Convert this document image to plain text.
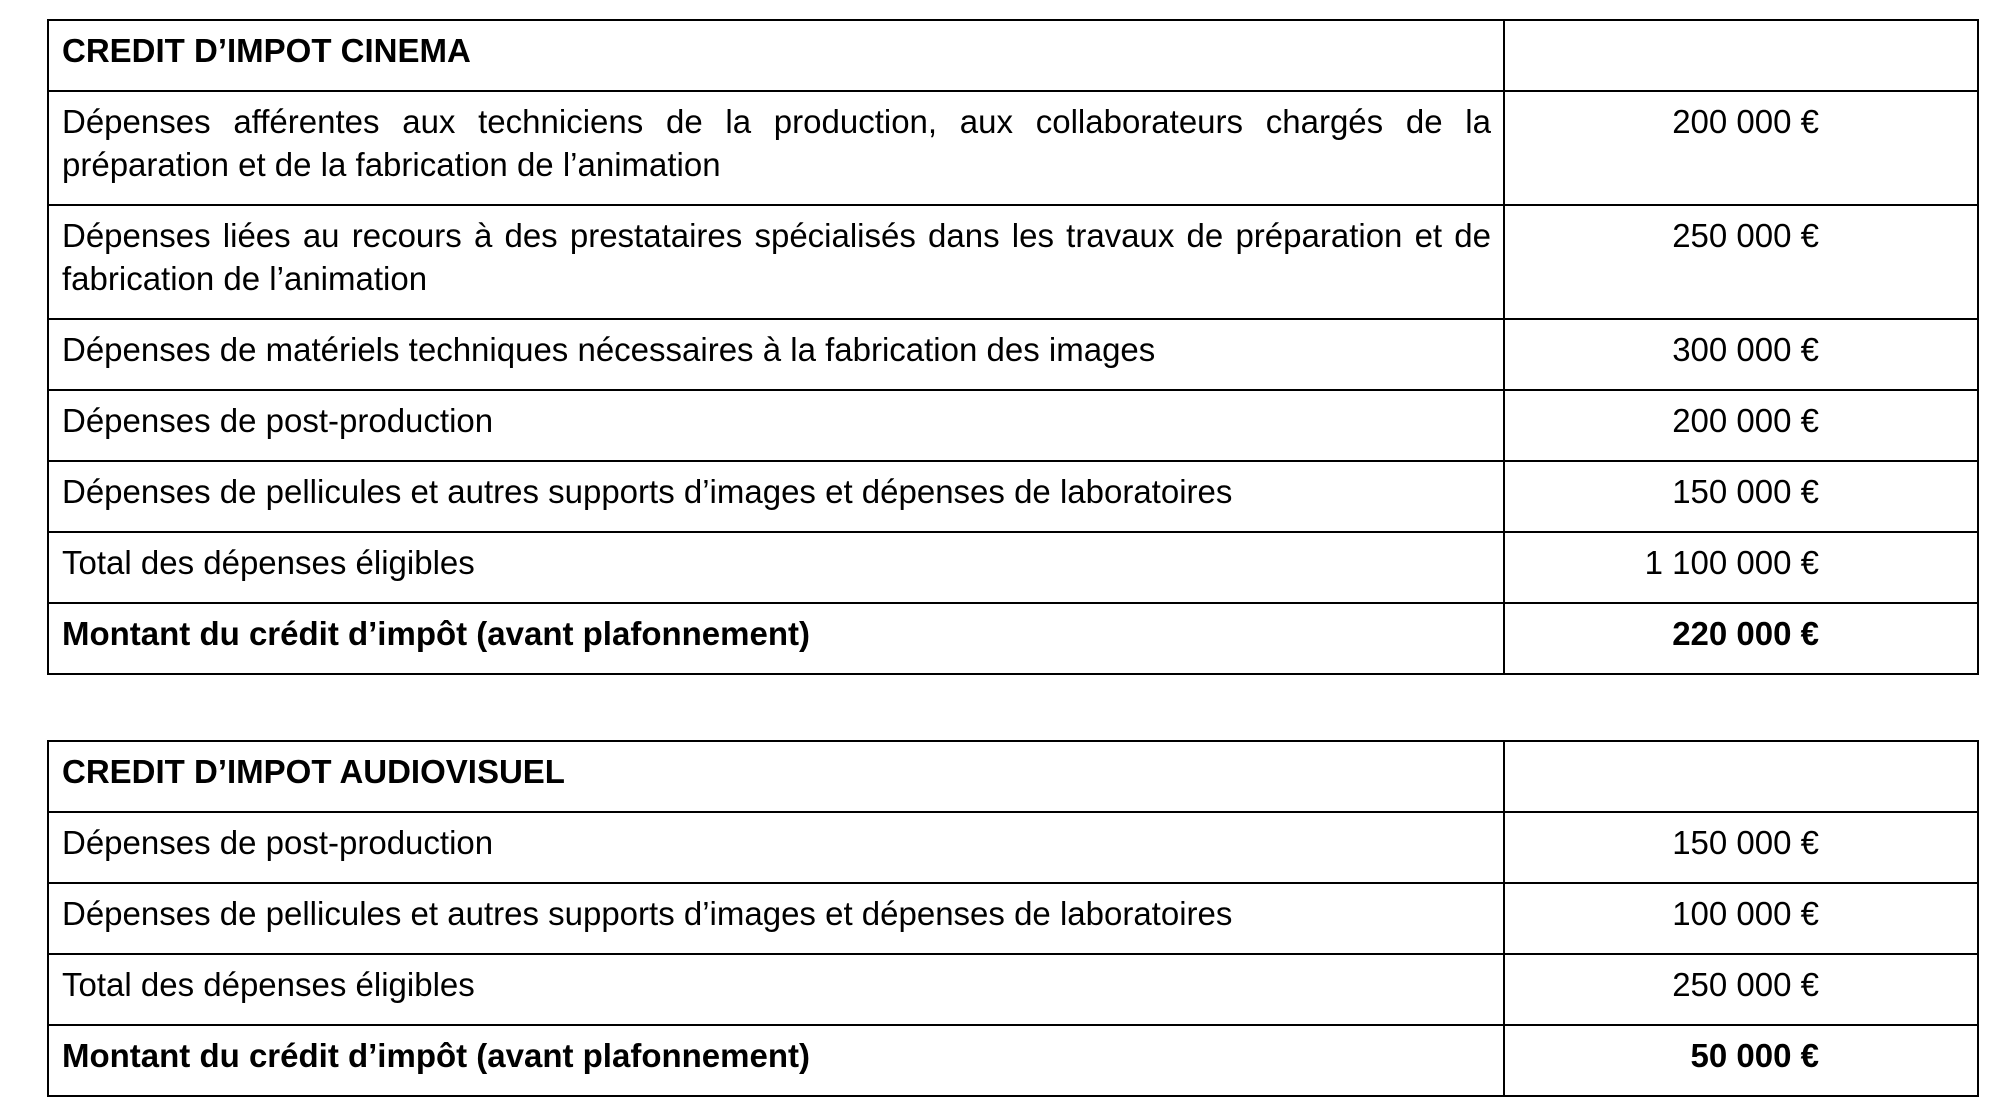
CREDIT D’IMPOT CINEMA	
Dépenses afférentes aux techniciens de la production, aux collaborateurs chargés de la préparation et de la fabrication de l’animation	200 000 €
Dépenses liées au recours à des prestataires spécialisés dans les travaux de préparation et de fabrication de l’animation	250 000 €
Dépenses de matériels techniques nécessaires à la fabrication des images	300 000 €
Dépenses de post-production	200 000 €
Dépenses de pellicules et autres supports d’images et dépenses de laboratoires	150 000 €
Total des dépenses éligibles	1 100 000 €
Montant du crédit d’impôt (avant plafonnement)	220 000 €
CREDIT D’IMPOT AUDIOVISUEL	
Dépenses de post-production	150 000 €
Dépenses de pellicules et autres supports d’images et dépenses de laboratoires	100 000 €
Total des dépenses éligibles	250 000 €
Montant du crédit d’impôt (avant plafonnement)	50 000 €
